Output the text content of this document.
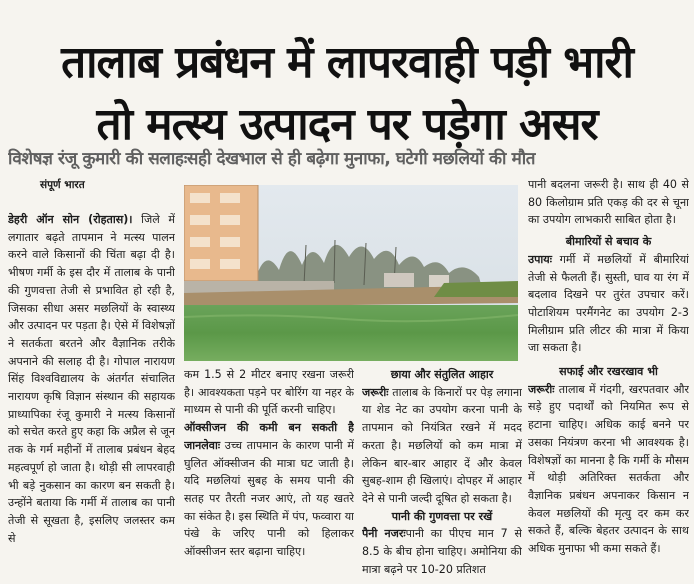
तालाब प्रबंधन में लापरवाही पड़ी भारी
तो मत्स्य उत्पादन पर पड़ेगा असर
विशेषज्ञ रंजू कुमारी की सलाहःसही देखभाल से ही बढ़ेगा मुनाफा, घटेगी मछलियों की मौत
संपूर्ण भारत

डेहरी ऑन सोन (रोहतास)। जिले में लगातार बढ़ते तापमान ने मत्स्य पालन करने वाले किसानों की चिंता बढ़ा दी है। भीषण गर्मी के इस दौर में तालाब के पानी की गुणवत्ता तेजी से प्रभावित हो रही है, जिसका सीधा असर मछलियों के स्वास्थ्य और उत्पादन पर पड़ता है। ऐसे में विशेषज्ञों ने सतर्कता बरतने और वैज्ञानिक तरीके अपनाने की सलाह दी है। गोपाल नारायण सिंह विश्वविद्यालय के अंतर्गत संचालित नारायण कृषि विज्ञान संस्थान की सहायक प्राध्यापिका रंजू कुमारी ने मत्स्य किसानों को सचेत करते हुए कहा कि अप्रैल से जून तक के गर्म महीनों में तालाब प्रबंधन बेहद महत्वपूर्ण हो जाता है। थोड़ी सी लापरवाही भी बड़े नुकसान का कारण बन सकती है। उन्होंने बताया कि गर्मी में तालाब का पानी तेजी से सूखता है, इसलिए जलस्तर कम से

कम 1.5 से 2 मीटर बनाए रखना जरूरी है। आवश्यकता पड़ने पर बोरिंग या नहर के माध्यम से पानी की पूर्ति करनी चाहिए।

ऑक्सीजन की कमी बन सकती है जानलेवाः उच्च तापमान के कारण पानी में घुलित ऑक्सीजन की मात्रा घट जाती है। यदि मछलियां सुबह के समय पानी की सतह पर तैरती नजर आएं, तो यह खतरे का संकेत है। इस स्थिति में पंप, फव्वारा या पंखे के जरिए पानी को हिलाकर ऑक्सीजन स्तर बढ़ाना चाहिए।

छाया और संतुलित आहार

जरूरीः तालाब के किनारों पर पेड़ लगाना या शेड नेट का उपयोग करना पानी के तापमान को नियंत्रित रखने में मदद करता है। मछलियों को कम मात्रा में लेकिन बार-बार आहार दें और केवल सुबह-शाम ही खिलाएं। दोपहर में आहार देने से पानी जल्दी दूषित हो सकता है।

पानी की गुणवत्ता पर रखें

पैनी नजरःपानी का पीएच मान 7 से 8.5 के बीच होना चाहिए। अमोनिया की मात्रा बढ़ने पर 10-20 प्रतिशत

पानी बदलना जरूरी है। साथ ही 40 से 80 किलोग्राम प्रति एकड़ की दर से चूना का उपयोग लाभकारी साबित होता है।

बीमारियों से बचाव के

उपायः गर्मी में मछलियों में बीमारियां तेजी से फैलती हैं। सुस्ती, घाव या रंग में बदलाव दिखने पर तुरंत उपचार करें। पोटाशियम परमैंगनेट का उपयोग 2-3 मिलीग्राम प्रति लीटर की मात्रा में किया जा सकता है।

सफाई और रखरखाव भी

जरूरीः तालाब में गंदगी, खरपतवार और सड़े हुए पदार्थों को नियमित रूप से हटाना चाहिए। अधिक काई बनने पर उसका नियंत्रण करना भी आवश्यक है। विशेषज्ञों का मानना है कि गर्मी के मौसम में थोड़ी अतिरिक्त सतर्कता और वैज्ञानिक प्रबंधन अपनाकर किसान न केवल मछलियों की मृत्यु दर कम कर सकते हैं, बल्कि बेहतर उत्पादन के साथ अधिक मुनाफा भी कमा सकते हैं।
